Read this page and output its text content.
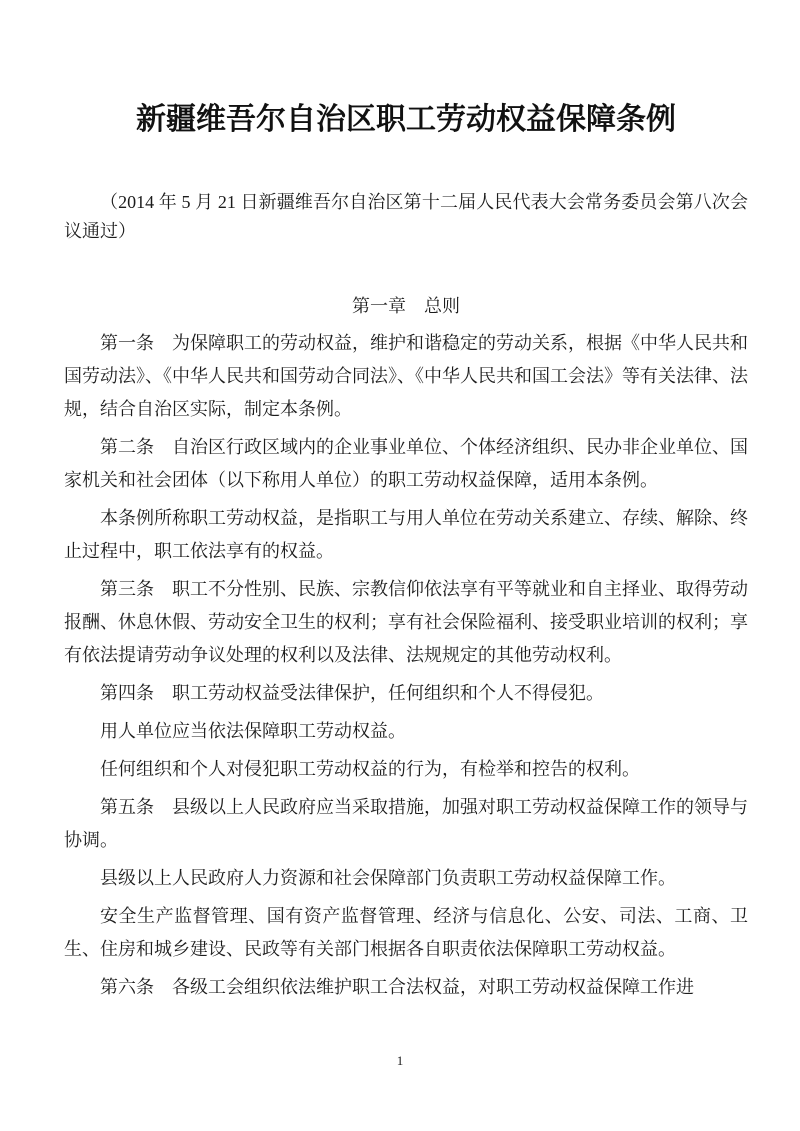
新疆维吾尔自治区职工劳动权益保障条例

（2014 年 5 月 21 日新疆维吾尔自治区第十二届人民代表大会常务委员会第八次会议通过）

第一章　总则

第一条　为保障职工的劳动权益，维护和谐稳定的劳动关系，根据《中华人民共和国劳动法》、《中华人民共和国劳动合同法》、《中华人民共和国工会法》等有关法律、法规，结合自治区实际，制定本条例。

第二条　自治区行政区域内的企业事业单位、个体经济组织、民办非企业单位、国家机关和社会团体（以下称用人单位）的职工劳动权益保障，适用本条例。

本条例所称职工劳动权益，是指职工与用人单位在劳动关系建立、存续、解除、终止过程中，职工依法享有的权益。

第三条　职工不分性别、民族、宗教信仰依法享有平等就业和自主择业、取得劳动报酬、休息休假、劳动安全卫生的权利；享有社会保险福利、接受职业培训的权利；享有依法提请劳动争议处理的权利以及法律、法规规定的其他劳动权利。

第四条　职工劳动权益受法律保护，任何组织和个人不得侵犯。

用人单位应当依法保障职工劳动权益。

任何组织和个人对侵犯职工劳动权益的行为，有检举和控告的权利。

第五条　县级以上人民政府应当采取措施，加强对职工劳动权益保障工作的领导与协调。

县级以上人民政府人力资源和社会保障部门负责职工劳动权益保障工作。

安全生产监督管理、国有资产监督管理、经济与信息化、公安、司法、工商、卫生、住房和城乡建设、民政等有关部门根据各自职责依法保障职工劳动权益。

第六条　各级工会组织依法维护职工合法权益，对职工劳动权益保障工作进

1
